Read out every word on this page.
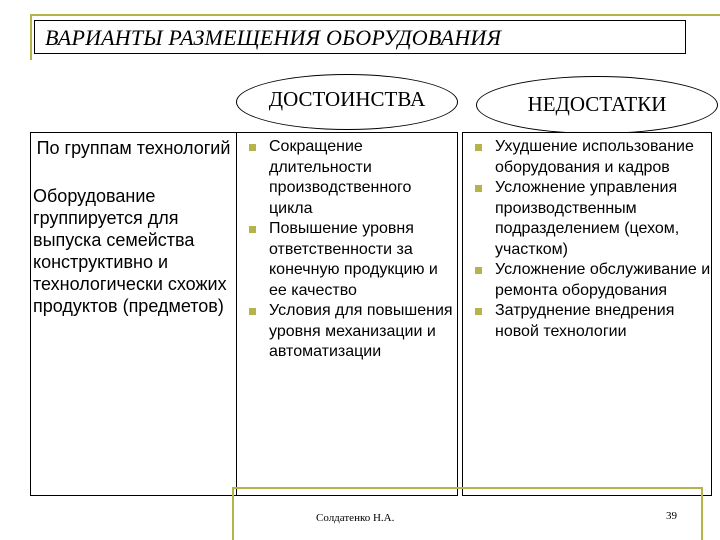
ВАРИАНТЫ РАЗМЕЩЕНИЯ ОБОРУДОВАНИЯ
ДОСТОИНСТВА	НЕДОСТАТКИ
По группам технологий
Оборудование группируется для выпуска семейства конструктивно и технологически схожих продуктов (предметов)
Сокращение длительности производственного цикла
Повышение уровня ответственности за конечную продукцию и ее качество
Условия для повышения уровня механизации и автоматизации
Ухудшение использование оборудования и кадров
Усложнение управления производственным подразделением (цехом, участком)
Усложнение обслуживание и ремонта оборудования
Затруднение внедрения новой технологии
Солдатенко Н.А.	39
